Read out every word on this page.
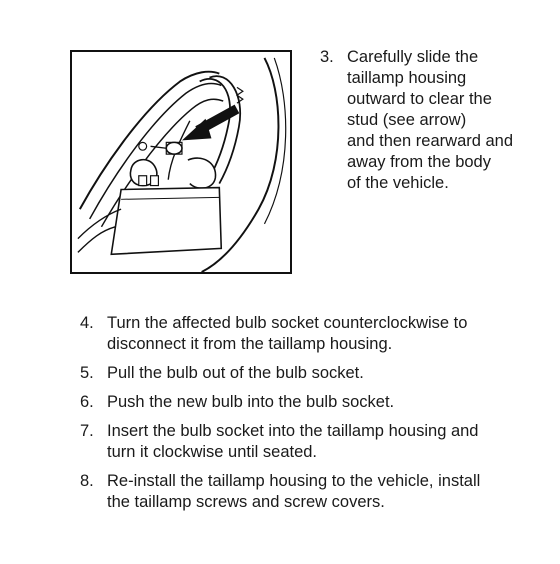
3. Carefully slide the
taillamp housing
outward to clear the
stud (see arrow)
and then rearward and
away from the body
of the vehicle.
4. Turn the affected bulb socket counterclockwise to
disconnect it from the taillamp housing.
5. Pull the bulb out of the bulb socket.
6. Push the new bulb into the bulb socket.
7. Insert the bulb socket into the taillamp housing and
turn it clockwise until seated.
8. Re-install the taillamp housing to the vehicle, install
the taillamp screws and screw covers.
